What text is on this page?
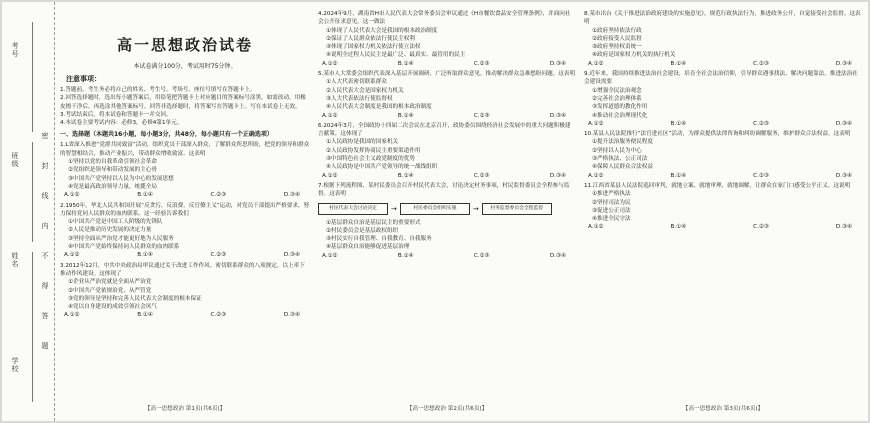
考号
班级
姓名
学校
密
封
线
内
不
得
答
题
高一思想政治试卷
本试卷满分100分，考试用时75分钟。
注意事项：

1.答题前，考生务必将自己的姓名、考生号、考场号、座位号填写在答题卡上。

2.回答选择题时，选出每小题答案后，用铅笔把答题卡上对应题目的答案标号涂黑。如需改动，用橡皮擦干净后，再选涂其他答案标号。回答非选择题时，将答案写在答题卡上。写在本试卷上无效。

3.考试结束后，将本试卷和答题卡一并交回。

4.本试卷主要考试内容：必修3，必修4第1单元。

一、选择题（本题共16小题，每小题3分，共48分，每小题只有一个正确选项）

1.L省深入推进“党群共同致富”活动，组织党员干部深入群众，了解群众所思所盼，把党的领导和群众的智慧相结合，推动产业振兴，带动群众增收致富。这表明

①坚持以党的自我革命引领社会革命
②党组织是领导和带动发展的主心骨
③中国共产党坚持以人民为中心的发展思想
④党是最高政治领导力量，统揽全局
A.①②	B.①④	C.②③	D.③④

2.1950年，华北人民共和国开展“反贪污、反浪费、反官僚主义”运动，对党员干部提出严格要求，努力保持党同人民群众的血肉联系。这一经验告诉我们

①中国共产党是中国工人阶级的先锋队
②人民是推动历史发展的决定力量
③坚持全面从严治党才能更好地为人民服务
④中国共产党始终保持同人民群众的血肉联系
A.①②	B.①④	C.②③	D.③④

3.2012年12月，中共中央政治局审议通过关于改进工作作风、密切联系群众的八项规定，以上率下推动作风建设。这体现了

①企业从严治党就是全面从严治党
②中国共产党依规治党、从严管党
③党的领导是坚持和完善人民代表大会制度的根本保证
④党以自身建设的成效引领社会风气
A.①②	B.①④	C.②③	D.③④
【高一思想政治 第1页(共6页)】

4.2024年9月，湖南省H市人民代表大会常务委员会审议通过《H市餐饮食品安全管理条例》，并面向社会公开征求意见。这一做法

①体现了人民代表大会是我国的根本政治制度
②保证了人民群众依法行使民主权利
③体现了国家权力机关依法行使立法权
④说明全过程人民民主是最广泛、最真实、最管用的民主
A.①②	B.①④	C.②③	D.③④

5.某市人大常委会组织代表深入基层开展调研，广泛听取群众意见，推动解决群众急难愁盼问题。这表明

①人大代表密切联系群众
②人民代表大会是国家权力机关
③人大代表依法行使监督权
④人民代表大会制度是我国的根本政治制度
A.①②	B.①④	C.②③	D.③④

6.2024年3月，全国政协十四届二次会议在北京召开，政协委员围绕经济社会发展中的重大问题积极建言献策。这体现了

①人民政协是我国的国家机关
②人民政协发挥协商民主重要渠道作用
③中国特色社会主义政党制度的优势
④人民政协是中国共产党领导的统一战线组织
A.①②	B.①④	C.②③	D.③④

7.根据下列流程图，某村民委员会召开村民代表大会，讨论决定村务事项，村民监督委员会全程参与监督。这表明

村民代表大会讨论决定	→	村民委员会组织实施	→	村务监督委员会全程监督
①基层群众自治是基层民主的重要形式
②村民委员会是基层政权组织
③村民实行自我管理、自我教育、自我服务
④基层群众自治能够促进基层治理
A.①②	B.①④	C.②③	D.③④
【高一思想政治 第2页(共6页)】

8.某市出台《关于推进法治政府建设的实施意见》，规范行政执法行为，推进政务公开，自觉接受社会监督。这表明

①政府坚持依法行政
②政府接受人民监督
③政府坚持权责统一
④政府是国家权力机关的执行机关
A.①②	B.①④	C.②③	D.③④

9.近年来，我国持续推进法治社会建设，培育全社会法治信仰，引导群众遇事找法、解决问题靠法。推进法治社会建设需要

①增强全民法治观念
②完善社会治理体系
③发挥道德的教化作用
④推动社会治理现代化
A.①②	B.①④	C.②③	D.③④

10.某县人民法院推行“法官进社区”活动，为群众提供法律咨询和纠纷调解服务，维护群众合法权益。这表明

①提升法治服务便民程度
②坚持以人民为中心
③严格执法、公正司法
④保障人民群众合法权益
A.①②	B.①④	C.②③	D.③④

11.江西省某县人民法院巡回审判，就地立案、就地审理、就地调解，让群众在家门口感受公平正义。这说明

①推进严格执法
②坚持司法为民
③促进公正司法
④推进全民守法
A.①②	B.①④	C.②③	D.③④
【高一思想政治 第3页(共6页)】
